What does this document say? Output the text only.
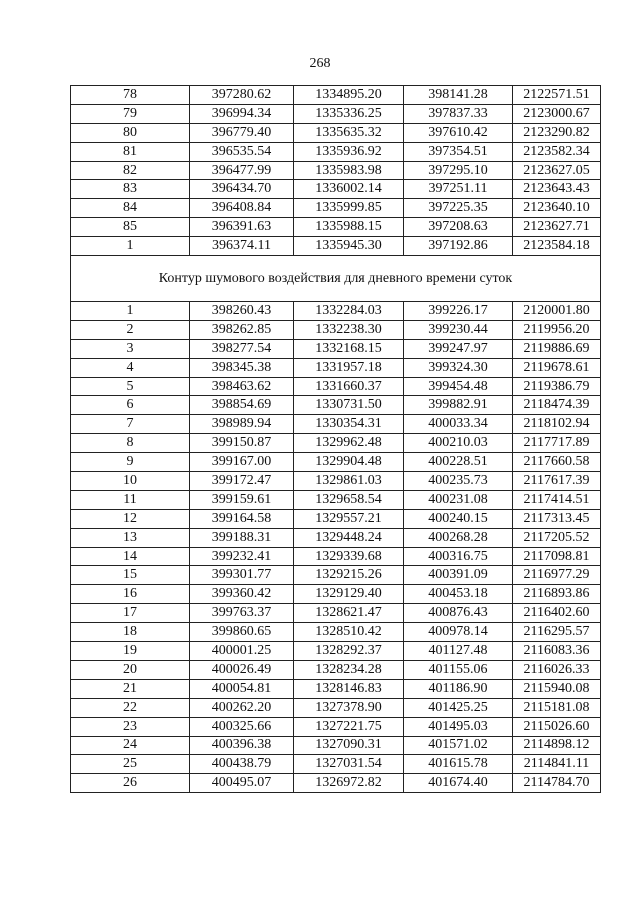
268
78	397280.62	1334895.20	398141.28	2122571.51
79	396994.34	1335336.25	397837.33	2123000.67
80	396779.40	1335635.32	397610.42	2123290.82
81	396535.54	1335936.92	397354.51	2123582.34
82	396477.99	1335983.98	397295.10	2123627.05
83	396434.70	1336002.14	397251.11	2123643.43
84	396408.84	1335999.85	397225.35	2123640.10
85	396391.63	1335988.15	397208.63	2123627.71
1	396374.11	1335945.30	397192.86	2123584.18
Контур шумового воздействия для дневного времени суток				
1	398260.43	1332284.03	399226.17	2120001.80
2	398262.85	1332238.30	399230.44	2119956.20
3	398277.54	1332168.15	399247.97	2119886.69
4	398345.38	1331957.18	399324.30	2119678.61
5	398463.62	1331660.37	399454.48	2119386.79
6	398854.69	1330731.50	399882.91	2118474.39
7	398989.94	1330354.31	400033.34	2118102.94
8	399150.87	1329962.48	400210.03	2117717.89
9	399167.00	1329904.48	400228.51	2117660.58
10	399172.47	1329861.03	400235.73	2117617.39
11	399159.61	1329658.54	400231.08	2117414.51
12	399164.58	1329557.21	400240.15	2117313.45
13	399188.31	1329448.24	400268.28	2117205.52
14	399232.41	1329339.68	400316.75	2117098.81
15	399301.77	1329215.26	400391.09	2116977.29
16	399360.42	1329129.40	400453.18	2116893.86
17	399763.37	1328621.47	400876.43	2116402.60
18	399860.65	1328510.42	400978.14	2116295.57
19	400001.25	1328292.37	401127.48	2116083.36
20	400026.49	1328234.28	401155.06	2116026.33
21	400054.81	1328146.83	401186.90	2115940.08
22	400262.20	1327378.90	401425.25	2115181.08
23	400325.66	1327221.75	401495.03	2115026.60
24	400396.38	1327090.31	401571.02	2114898.12
25	400438.79	1327031.54	401615.78	2114841.11
26	400495.07	1326972.82	401674.40	2114784.70
